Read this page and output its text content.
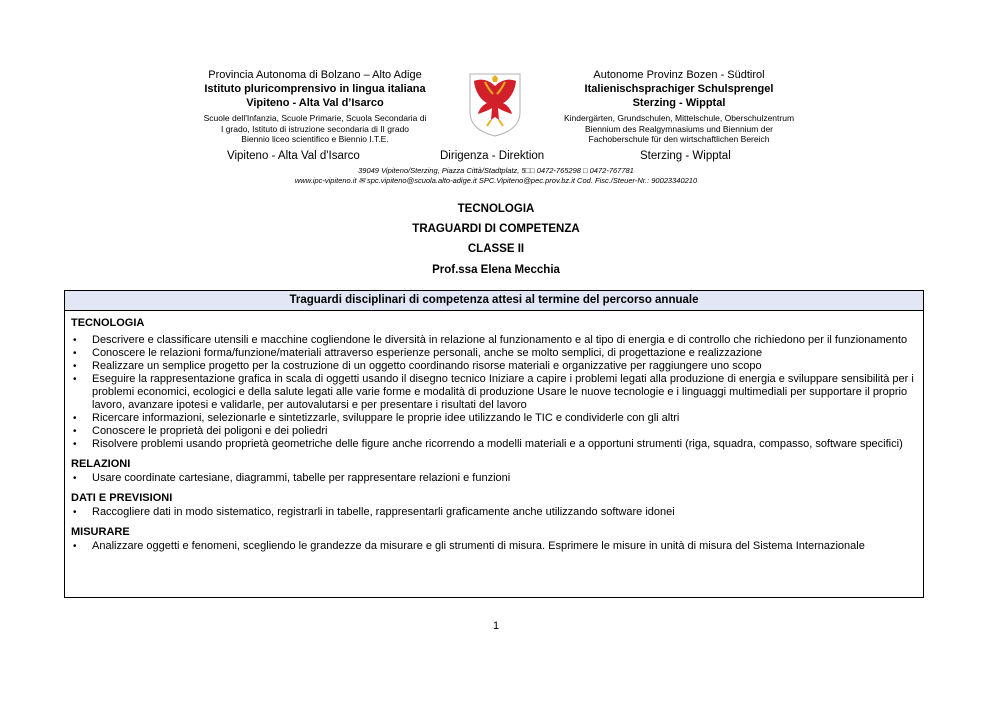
Provincia Autonoma di Bolzano – Alto Adige
Istituto pluricomprensivo in lingua italiana
Vipiteno - Alta Val d’Isarco
Scuole dell'Infanzia, Scuole Primarie, Scuola Secondaria di
I grado, Istituto di istruzione secondaria di II grado
Biennio liceo scientifico e Biennio I.T.E.
Autonome Provinz Bozen - Südtirol
Italienischsprachiger Schulsprengel
Sterzing - Wipptal
Kindergärten, Grundschulen, Mittelschule, Oberschulzentrum
Biennium des Realgymnasiums und Biennium der
Fachoberschule für den wirtschaftlichen Bereich
Vipiteno - Alta Val d'Isarco	Dirigenza - Direktion	Sterzing - Wipptal
39049 Vipiteno/Sterzing, Piazza Città/Stadtplatz, 5□□ 0472-765298 □ 0472-767781
www.ipc-vipiteno.it ✉ spc.vipiteno@scuola.alto-adige.it SPC.Vipiteno@pec.prov.bz.it Cod. Fisc./Steuer-Nr.: 90023340210
TECNOLOGIA
TRAGUARDI DI COMPETENZA
CLASSE II
Prof.ssa Elena Mecchia
Traguardi disciplinari di competenza attesi al termine del percorso annuale
TECNOLOGIA
• Descrivere e classificare utensili e macchine cogliendone le diversità in relazione al funzionamento e al tipo di energia e di controllo che richiedono per il funzionamento
• Conoscere le relazioni forma/funzione/materiali attraverso esperienze personali, anche se molto semplici, di progettazione e realizzazione
• Realizzare un semplice progetto per la costruzione di un oggetto coordinando risorse materiali e organizzative per raggiungere uno scopo
• Eseguire la rappresentazione grafica in scala di oggetti usando il disegno tecnico Iniziare a capire i problemi legati alla produzione di energia e sviluppare sensibilità per i problemi economici, ecologici e della salute legati alle varie forme e modalità di produzione Usare le nuove tecnologie e i linguaggi multimediali per supportare il proprio lavoro, avanzare ipotesi e validarle, per autovalutarsi e per presentare i risultati del lavoro
• Ricercare informazioni, selezionarle e sintetizzarle, sviluppare le proprie idee utilizzando le TIC e condividerle con gli altri
• Conoscere le proprietà dei poligoni e dei poliedri
• Risolvere problemi usando proprietà geometriche delle figure anche ricorrendo a modelli materiali e a opportuni strumenti (riga, squadra, compasso, software specifici)
RELAZIONI
• Usare coordinate cartesiane, diagrammi, tabelle per rappresentare relazioni e funzioni
DATI E PREVISIONI
• Raccogliere dati in modo sistematico, registrarli in tabelle, rappresentarli graficamente anche utilizzando software idonei
MISURARE
• Analizzare oggetti e fenomeni, scegliendo le grandezze da misurare e gli strumenti di misura. Esprimere le misure in unità di misura del Sistema Internazionale
1
